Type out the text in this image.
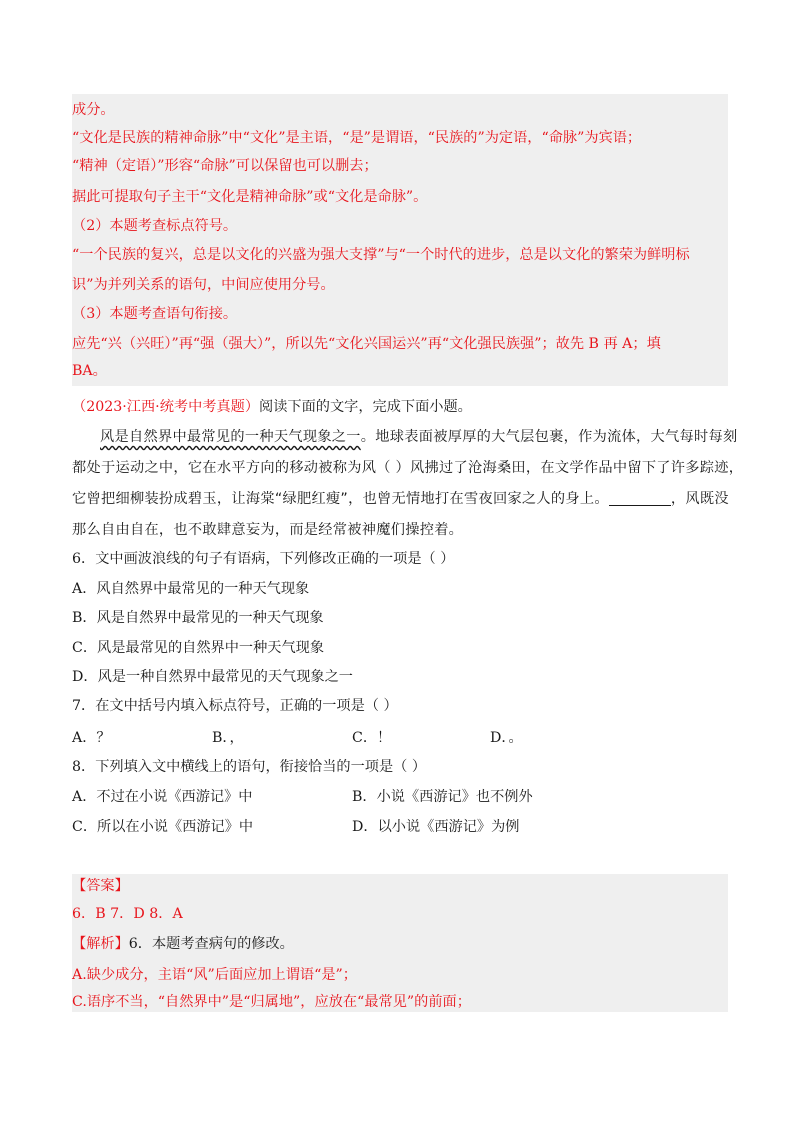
成分。
“文化是民族的精神命脉”中“文化”是主语，“是”是谓语，“民族的”为定语，“命脉”为宾语；
“精神（定语）”形容“命脉”可以保留也可以删去；
据此可提取句子主干“文化是精神命脉”或“文化是命脉”。
（2）本题考查标点符号。
“一个民族的复兴，总是以文化的兴盛为强大支撑”与“一个时代的进步，总是以文化的繁荣为鲜明标
识”为并列关系的语句，中间应使用分号。
（3）本题考查语句衔接。
应先“兴（兴旺）”再“强（强大）”，所以先“文化兴国运兴”再“文化强民族强”；故先 B 再 A；填
BA。
（2023·江西·统考中考真题）阅读下面的文字，完成下面小题。
风是自然界中最常见的一种天气现象之一。地球表面被厚厚的大气层包裹，作为流体，大气每时每刻
都处于运动之中，它在水平方向的移动被称为风（ ）风拂过了沧海桑田，在文学作品中留下了许多踪迹，
它曾把细柳装扮成碧玉，让海棠“绿肥红瘦”，也曾无情地打在雪夜回家之人的身上。	，风既没
那么自由自在，也不敢肆意妄为，而是经常被神魔们操控着。
6．文中画波浪线的句子有语病，下列修改正确的一项是（ ）
A．风自然界中最常见的一种天气现象
B．风是自然界中最常见的一种天气现象
C．风是最常见的自然界中一种天气现象
D．风是一种自然界中最常见的天气现象之一
7．在文中括号内填入标点符号，正确的一项是（ ）
A．？	B．，	C．！	D．。
8．下列填入文中横线上的语句，衔接恰当的一项是（ ）
A．不过在小说《西游记》中	B．小说《西游记》也不例外
C．所以在小说《西游记》中	D．以小说《西游记》为例
【答案】
6．B 7．D 8．A
【解析】6．本题考查病句的修改。
A.缺少成分，主语“风”后面应加上谓语“是”；
C.语序不当，“自然界中”是“归属地”，应放在“最常见”的前面；
